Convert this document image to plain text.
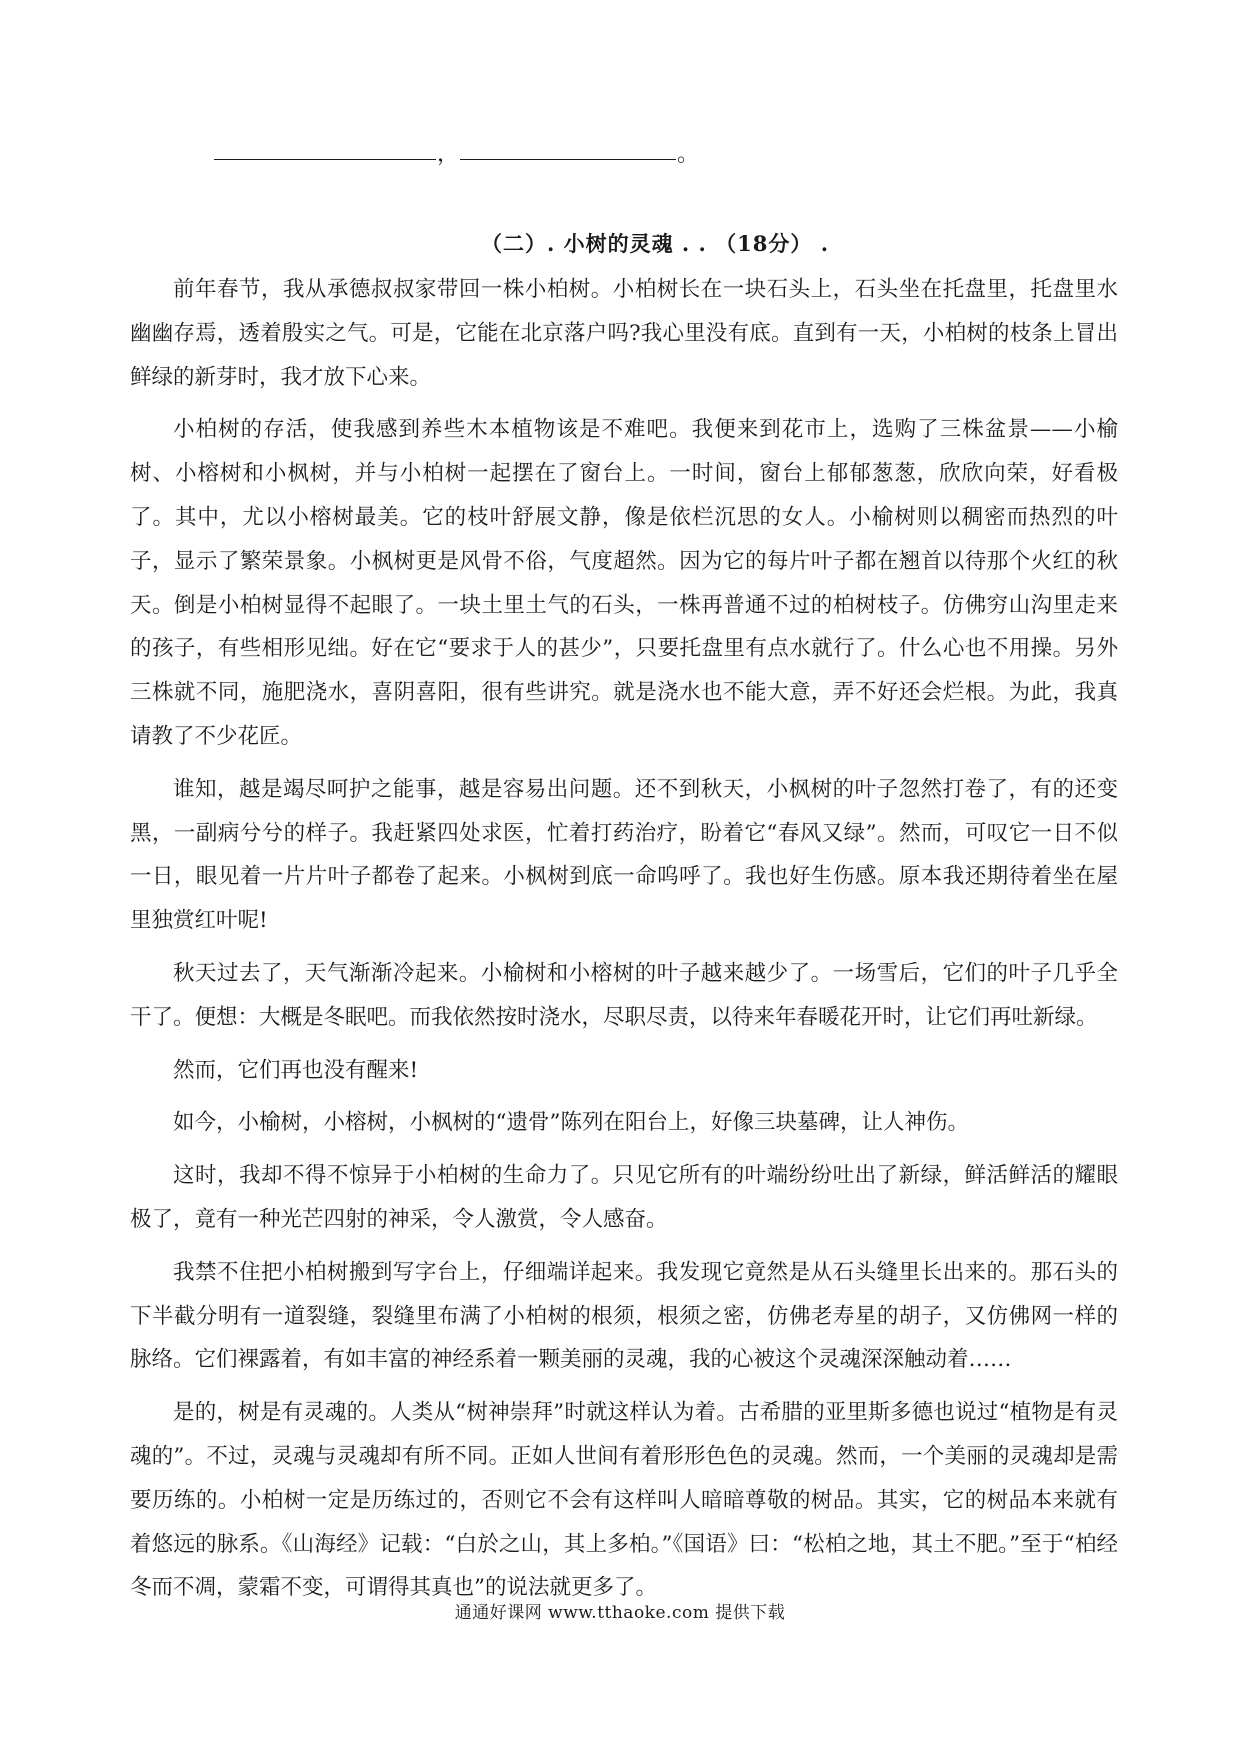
，	。
（二）. 小树的灵魂 . . （18分） .

前年春节，我从承德叔叔家带回一株小柏树。小柏树长在一块石头上，石头坐在托盘里，托盘里水幽幽存焉，透着殷实之气。可是，它能在北京落户吗?我心里没有底。直到有一天，小柏树的枝条上冒出鲜绿的新芽时，我才放下心来。

小柏树的存活，使我感到养些木本植物该是不难吧。我便来到花市上，选购了三株盆景——小榆树、小榕树和小枫树，并与小柏树一起摆在了窗台上。一时间，窗台上郁郁葱葱，欣欣向荣，好看极了。其中，尤以小榕树最美。它的枝叶舒展文静，像是依栏沉思的女人。小榆树则以稠密而热烈的叶子，显示了繁荣景象。小枫树更是风骨不俗，气度超然。因为它的每片叶子都在翘首以待那个火红的秋天。倒是小柏树显得不起眼了。一块土里土气的石头，一株再普通不过的柏树枝子。仿佛穷山沟里走来的孩子，有些相形见绌。好在它“要求于人的甚少”，只要托盘里有点水就行了。什么心也不用操。另外三株就不同，施肥浇水，喜阴喜阳，很有些讲究。就是浇水也不能大意，弄不好还会烂根。为此，我真请教了不少花匠。

谁知，越是竭尽呵护之能事，越是容易出问题。还不到秋天，小枫树的叶子忽然打卷了，有的还变黑，一副病兮兮的样子。我赶紧四处求医，忙着打药治疗，盼着它“春风又绿”。然而，可叹它一日不似一日，眼见着一片片叶子都卷了起来。小枫树到底一命呜呼了。我也好生伤感。原本我还期待着坐在屋里独赏红叶呢!

秋天过去了，天气渐渐冷起来。小榆树和小榕树的叶子越来越少了。一场雪后，它们的叶子几乎全干了。便想：大概是冬眠吧。而我依然按时浇水，尽职尽责，以待来年春暖花开时，让它们再吐新绿。

然而，它们再也没有醒来!

如今，小榆树，小榕树，小枫树的“遗骨”陈列在阳台上，好像三块墓碑，让人神伤。

这时，我却不得不惊异于小柏树的生命力了。只见它所有的叶端纷纷吐出了新绿，鲜活鲜活的耀眼极了，竟有一种光芒四射的神采，令人激赏，令人感奋。

我禁不住把小柏树搬到写字台上，仔细端详起来。我发现它竟然是从石头缝里长出来的。那石头的下半截分明有一道裂缝，裂缝里布满了小柏树的根须，根须之密，仿佛老寿星的胡子，又仿佛网一样的脉络。它们裸露着，有如丰富的神经系着一颗美丽的灵魂，我的心被这个灵魂深深触动着……

是的，树是有灵魂的。人类从“树神崇拜”时就这样认为着。古希腊的亚里斯多德也说过“植物是有灵魂的”。不过，灵魂与灵魂却有所不同。正如人世间有着形形色色的灵魂。然而，一个美丽的灵魂却是需要历练的。小柏树一定是历练过的，否则它不会有这样叫人暗暗尊敬的树品。其实，它的树品本来就有着悠远的脉系。《山海经》记载：“白於之山，其上多柏。”《国语》曰：“松柏之地，其土不肥。”至于“柏经冬而不凋，蒙霜不变，可谓得其真也”的说法就更多了。

通通好课网 www.tthaoke.com 提供下载
